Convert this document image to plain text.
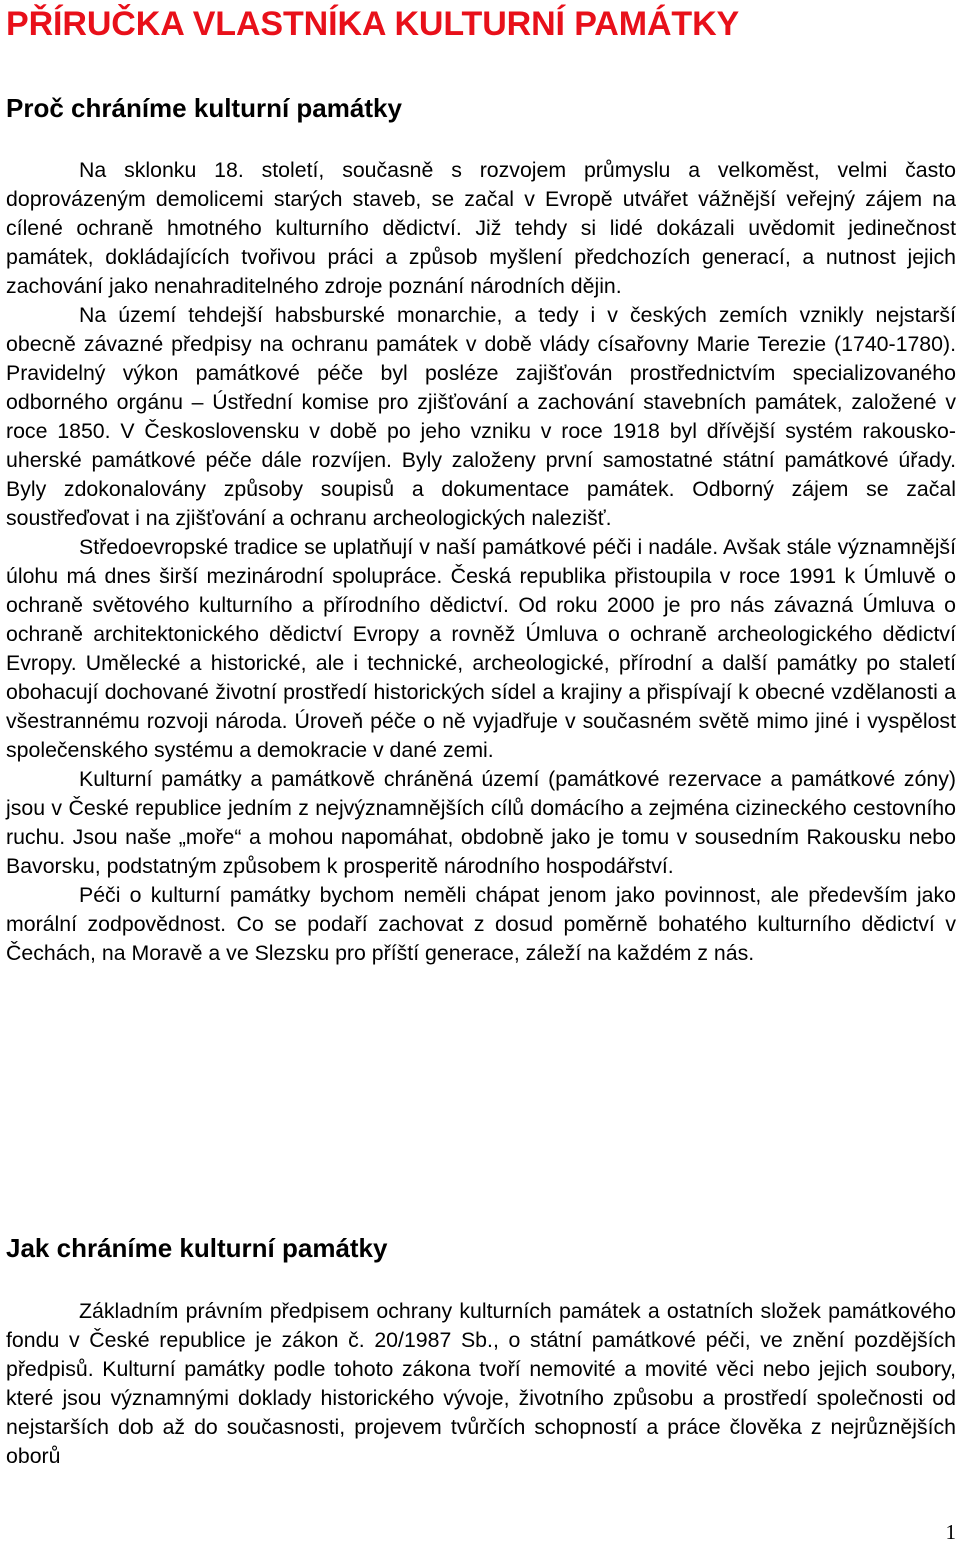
PŘÍRUČKA VLASTNÍKA KULTURNÍ PAMÁTKY
Proč chráníme kulturní památky

Na sklonku 18. století, současně s rozvojem průmyslu a velkoměst, velmi často doprovázeným demolicemi starých staveb, se začal v Evropě utvářet vážnější veřejný zájem na cílené ochraně hmotného kulturního dědictví. Již tehdy si lidé dokázali uvědomit jedinečnost památek, dokládajících tvořivou práci a způsob myšlení předchozích generací, a nutnost jejich zachování jako nenahraditelného zdroje poznání národních dějin.

Na území tehdejší habsburské monarchie, a tedy i v českých zemích vznikly nejstarší obecně závazné předpisy na ochranu památek v době vlády císařovny Marie Terezie (1740-1780). Pravidelný výkon památkové péče byl posléze zajišťován prostřednictvím specializovaného odborného orgánu – Ústřední komise pro zjišťování a zachování stavebních památek, založené v roce 1850. V Československu v době po jeho vzniku v roce 1918 byl dřívější systém rakousko-uherské památkové péče dále rozvíjen. Byly založeny první samostatné státní památkové úřady. Byly zdokonalovány způsoby soupisů a dokumentace památek. Odborný zájem se začal soustřeďovat i na zjišťování a ochranu archeologických nalezišť.

Středoevropské tradice se uplatňují v naší památkové péči i nadále. Avšak stále významnější úlohu má dnes širší mezinárodní spolupráce. Česká republika přistoupila v roce 1991 k Úmluvě o ochraně světového kulturního a přírodního dědictví. Od roku 2000 je pro nás závazná Úmluva o ochraně architektonického dědictví Evropy a rovněž Úmluva o ochraně archeologického dědictví Evropy. Umělecké a historické, ale i technické, archeologické, přírodní a další památky po staletí obohacují dochované životní prostředí historických sídel a krajiny a přispívají k obecné vzdělanosti a všestrannému rozvoji národa. Úroveň péče o ně vyjadřuje v současném světě mimo jiné i vyspělost společenského systému a demokracie v dané zemi.

Kulturní památky a památkově chráněná území (památkové rezervace a památkové zóny) jsou v České republice jedním z nejvýznamnějších cílů domácího a zejména cizineckého cestovního ruchu. Jsou naše „moře“ a mohou napomáhat, obdobně jako je tomu v sousedním Rakousku nebo Bavorsku, podstatným způsobem k prosperitě národního hospodářství.

Péči o kulturní památky bychom neměli chápat jenom jako povinnost, ale především jako morální zodpovědnost. Co se podaří zachovat z dosud poměrně bohatého kulturního dědictví v Čechách, na Moravě a ve Slezsku pro příští generace, záleží na každém z nás.

Jak chráníme kulturní památky

Základním právním předpisem ochrany kulturních památek a ostatních složek památkového fondu v České republice je zákon č. 20/1987 Sb., o státní památkové péči, ve znění pozdějších předpisů. Kulturní památky podle tohoto zákona tvoří nemovité a movité věci nebo jejich soubory, které jsou významnými doklady historického vývoje, životního způsobu a prostředí společnosti od nejstarších dob až do současnosti, projevem tvůrčích schopností a práce člověka z nejrůznějších oborů

1
